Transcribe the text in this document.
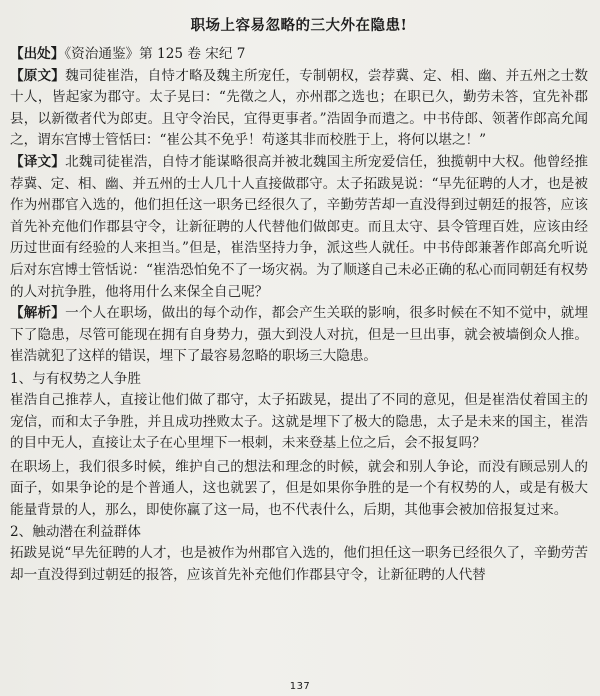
职场上容易忽略的三大外在隐患!

【出处】《资治通鉴》第 125 卷 宋纪 7

【原文】魏司徒崔浩，自恃才略及魏主所宠任，专制朝权，尝荐冀、定、相、幽、并五州之士数十人，皆起家为郡守。太子晃曰：“先徵之人，亦州郡之选也；在职已久，勤劳未答，宜先补郡县，以新徵者代为郎吏。且守令治民，宜得更事者。”浩固争而遣之。中书侍郎、领著作郎高允闻之，谓东宫博士管恬曰：“崔公其不免乎！苟遂其非而校胜于上，将何以堪之！”

【译文】北魏司徒崔浩，自恃才能谋略很高并被北魏国主所宠爱信任，独揽朝中大权。他曾经推荐冀、定、相、幽、并五州的士人几十人直接做郡守。太子拓跋晃说：“早先征聘的人才，也是被作为州郡官入选的，他们担任这一职务已经很久了，辛勤劳苦却一直没得到过朝廷的报答，应该首先补充他们作郡县守令，让新征聘的人代替他们做郎吏。而且太守、县令管理百姓，应该由经历过世面有经验的人来担当。”但是，崔浩坚持力争，派这些人就任。中书侍郎兼著作郎高允听说后对东宫博士管恬说：“崔浩恐怕免不了一场灾祸。为了顺遂自己未必正确的私心而同朝廷有权势的人对抗争胜，他将用什么来保全自己呢？

【解析】一个人在职场，做出的每个动作，都会产生关联的影响，很多时候在不知不觉中，就埋下了隐患，尽管可能现在拥有自身势力，强大到没人对抗，但是一旦出事，就会被墙倒众人推。崔浩就犯了这样的错误，埋下了最容易忽略的职场三大隐患。

1、与有权势之人争胜

崔浩自己推荐人，直接让他们做了郡守，太子拓跋晃，提出了不同的意见，但是崔浩仗着国主的宠信，而和太子争胜，并且成功挫败太子。这就是埋下了极大的隐患，太子是未来的国主，崔浩的目中无人，直接让太子在心里埋下一根刺，未来登基上位之后，会不报复吗？

在职场上，我们很多时候，维护自己的想法和理念的时候，就会和别人争论，而没有顾忌别人的面子，如果争论的是个普通人，这也就罢了，但是如果你争胜的是一个有权势的人，或是有极大能量背景的人，那么，即使你赢了这一局，也不代表什么，后期，其他事会被加倍报复过来。

2、触动潜在利益群体

拓跋晃说“早先征聘的人才，也是被作为州郡官入选的，他们担任这一职务已经很久了，辛勤劳苦却一直没得到过朝廷的报答，应该首先补充他们作郡县守令，让新征聘的人代替

137
